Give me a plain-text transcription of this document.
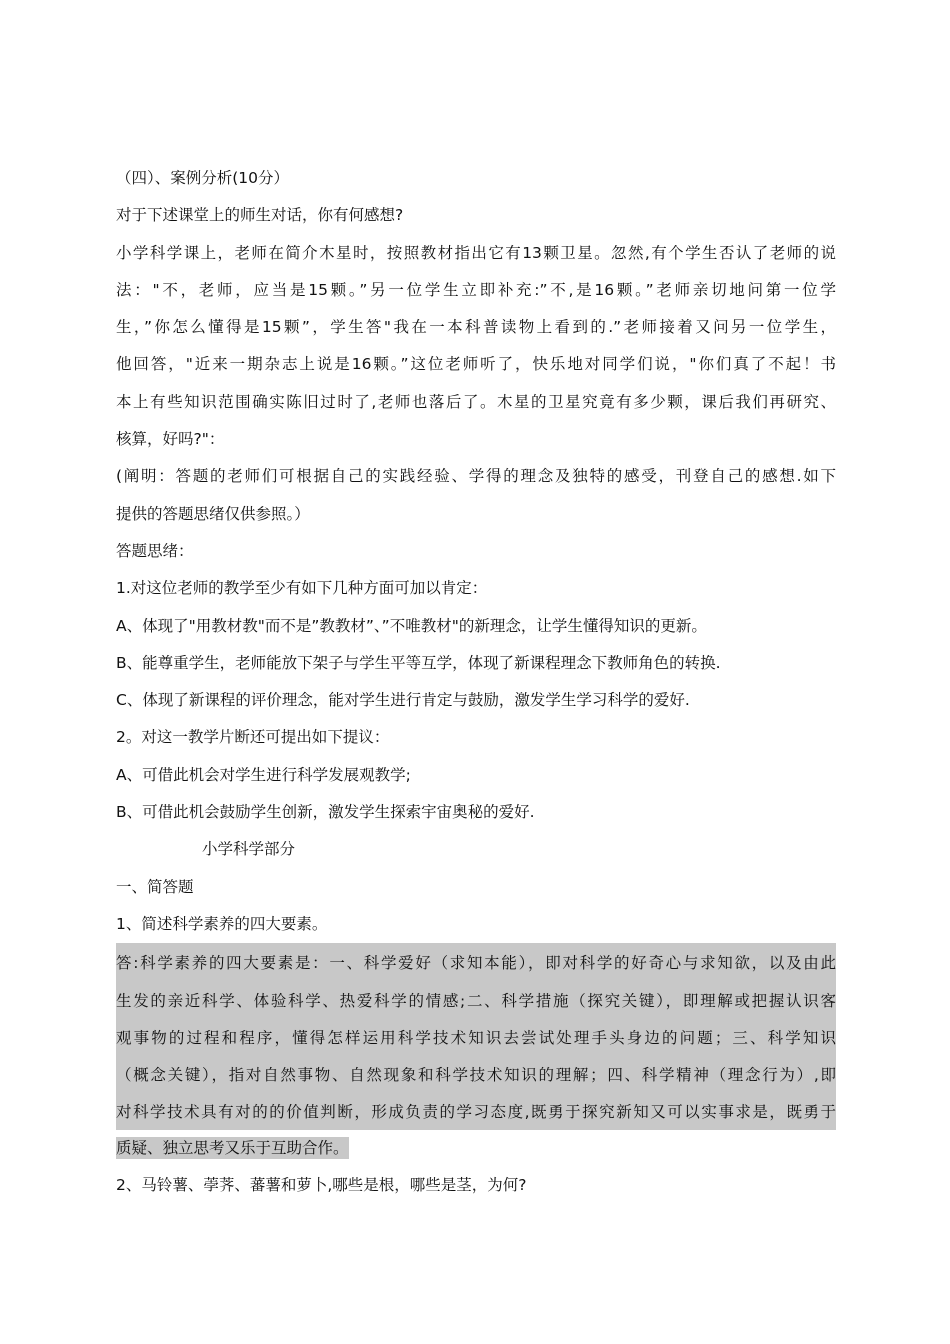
（四）、案例分析(10分）
对于下述课堂上的师生对话，你有何感想?
小学科学课上，老师在简介木星时，按照教材指出它有13颗卫星。忽然,有个学生否认了老师的说
法："不，老师，应当是15颗。”另一位学生立即补充:”不,是16颗。”老师亲切地问第一位学
生，”你怎么懂得是15颗”，学生答"我在一本科普读物上看到的.”老师接着又问另一位学生，
他回答，"近来一期杂志上说是16颗。”这位老师听了，快乐地对同学们说，"你们真了不起！书
本上有些知识范围确实陈旧过时了,老师也落后了。木星的卫星究竟有多少颗，课后我们再研究、
核算，好吗?"：
(阐明：答题的老师们可根据自己的实践经验、学得的理念及独特的感受，刊登自己的感想.如下
提供的答题思绪仅供参照。）
答题思绪：
1.对这位老师的教学至少有如下几种方面可加以肯定：
A、体现了"用教材教"而不是”教教材”、”不唯教材"的新理念，让学生懂得知识的更新。
B、能尊重学生，老师能放下架子与学生平等互学，体现了新课程理念下教师角色的转换.
C、体现了新课程的评价理念，能对学生进行肯定与鼓励，激发学生学习科学的爱好.
2。对这一教学片断还可提出如下提议：
A、可借此机会对学生进行科学发展观教学;
B、可借此机会鼓励学生创新，激发学生探索宇宙奥秘的爱好.
小学科学部分
一、简答题
1、简述科学素养的四大要素。
答:科学素养的四大要素是：一、科学爱好（求知本能），即对科学的好奇心与求知欲，以及由此
生发的亲近科学、体验科学、热爱科学的情感;二、科学措施（探究关键），即理解或把握认识客
观事物的过程和程序，懂得怎样运用科学技术知识去尝试处理手头身边的问题；三、科学知识
（概念关键），指对自然事物、自然现象和科学技术知识的理解；四、科学精神（理念行为）,即
对科学技术具有对的的价值判断，形成负责的学习态度,既勇于探究新知又可以实事求是，既勇于
质疑、独立思考又乐于互助合作。
2、马铃薯、荸荠、蕃薯和萝卜,哪些是根，哪些是茎，为何?
